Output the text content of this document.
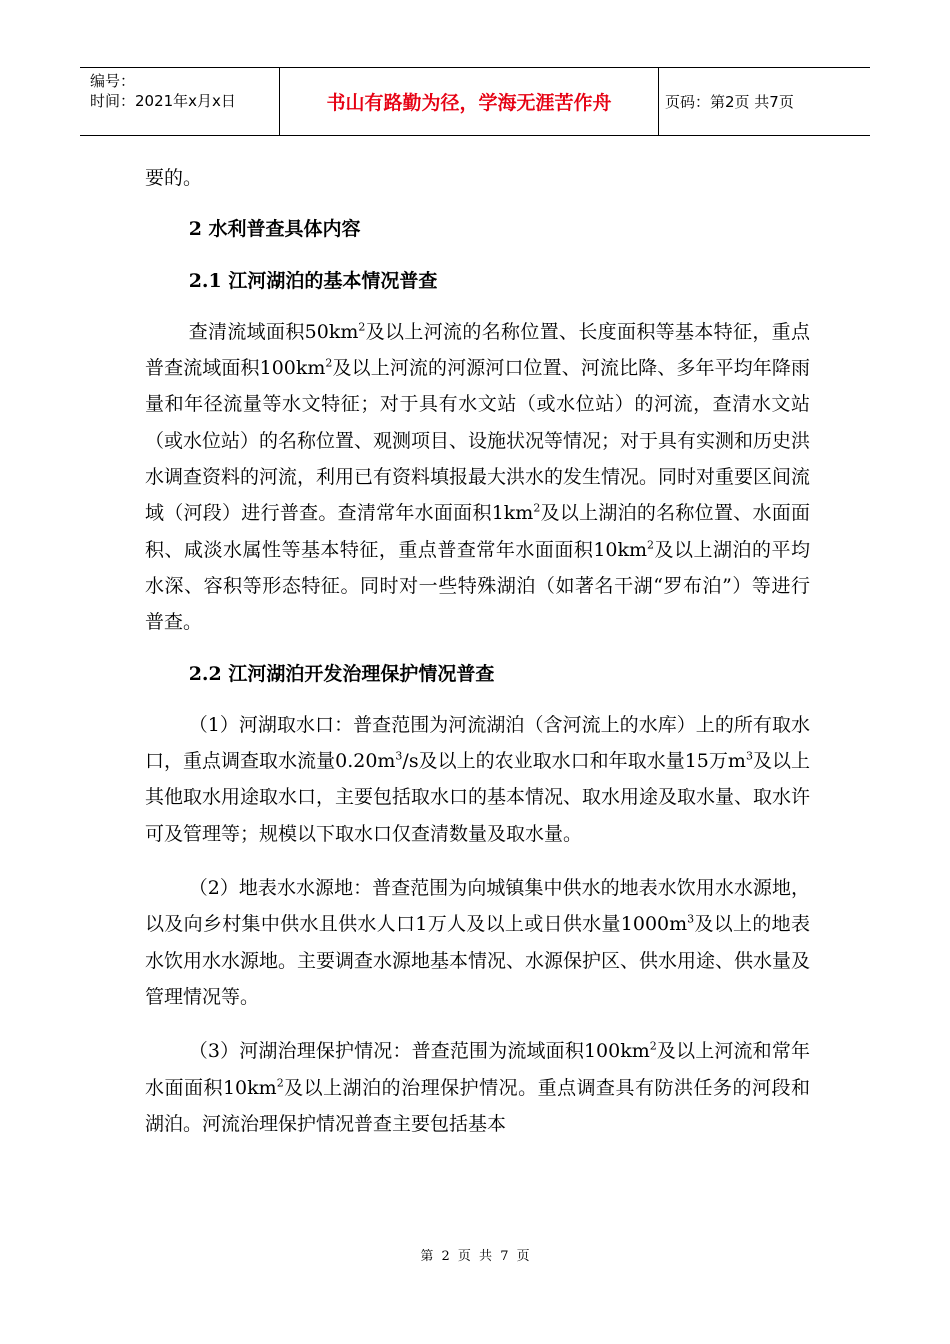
编号：
时间：2021年x月x日	书山有路勤为径，学海无涯苦作舟	页码：第2页 共7页

要的。

2 水利普查具体内容
2.1 江河湖泊的基本情况普查

查清流域面积$50km^2$及以上河流的名称位置、长度面积等基本特征，重点普查流域面积$100km^2$及以上河流的河源河口位置、河流比降、多年平均年降雨量和年径流量等水文特征；对于具有水文站（或水位站）的河流，查清水文站（或水位站）的名称位置、观测项目、设施状况等情况；对于具有实测和历史洪水调查资料的河流，利用已有资料填报最大洪水的发生情况。同时对重要区间流域（河段）进行普查。查清常年水面面积$1km^2$及以上湖泊的名称位置、水面面积、咸淡水属性等基本特征，重点普查常年水面面积$10km^2$及以上湖泊的平均水深、容积等形态特征。同时对一些特殊湖泊（如著名干湖“罗布泊”）等进行普查。

2.2 江河湖泊开发治理保护情况普查

（1）河湖取水口：普查范围为河流湖泊（含河流上的水库）上的所有取水口，重点调查取水流量$0.20m^3/s$及以上的农业取水口和年取水量15万$m^3$及以上其他取水用途取水口，主要包括取水口的基本情况、取水用途及取水量、取水许可及管理等；规模以下取水口仅查清数量及取水量。

（2）地表水水源地：普查范围为向城镇集中供水的地表水饮用水水源地，以及向乡村集中供水且供水人口1万人及以上或日供水量$1000m^3$及以上的地表水饮用水水源地。主要调查水源地基本情况、水源保护区、供水用途、供水量及管理情况等。

（3）河湖治理保护情况：普查范围为流域面积$100km^2$及以上河流和常年水面面积$10km^2$及以上湖泊的治理保护情况。重点调查具有防洪任务的河段和湖泊。河流治理保护情况普查主要包括基本

第 2 页 共 7 页
